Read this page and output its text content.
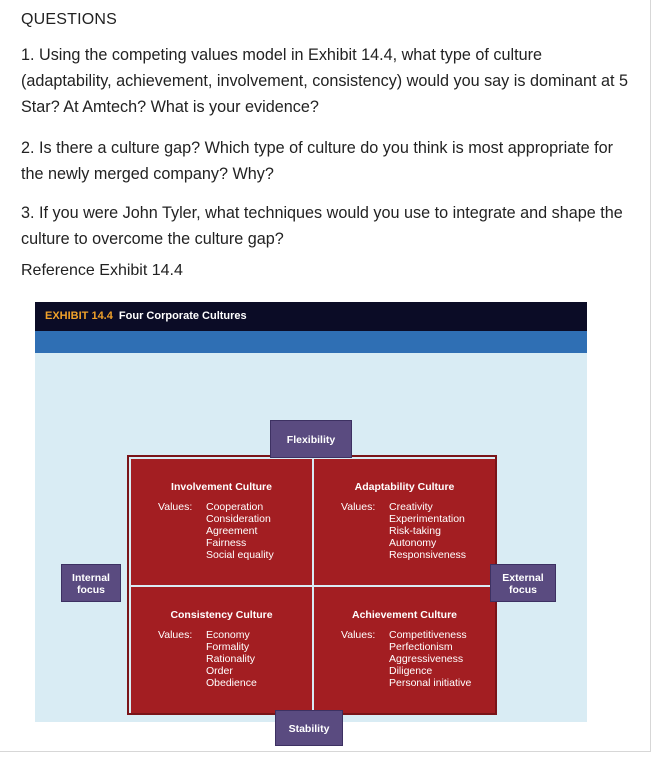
QUESTIONS
1. Using the competing values model in Exhibit 14.4, what type of culture (adaptability, achievement, involvement, consistency) would you say is dominant at 5 Star? At Amtech? What is your evidence?
2. Is there a culture gap? Which type of culture do you think is most appropriate for the newly merged company? Why?
3. If you were John Tyler, what techniques would you use to integrate and shape the culture to overcome the culture gap?
Reference Exhibit 14.4
EXHIBIT 14.4 Four Corporate Cultures
Involvement Culture
Values: Cooperation
Consideration
Agreement
Fairness
Social equality
Adaptability Culture
Values: Creativity
Experimentation
Risk-taking
Autonomy
Responsiveness
Consistency Culture
Values: Economy
Formality
Rationality
Order
Obedience
Achievement Culture
Values: Competitiveness
Perfectionism
Aggressiveness
Diligence
Personal initiative
Flexibility
Stability
Internal
focus
External
focus
